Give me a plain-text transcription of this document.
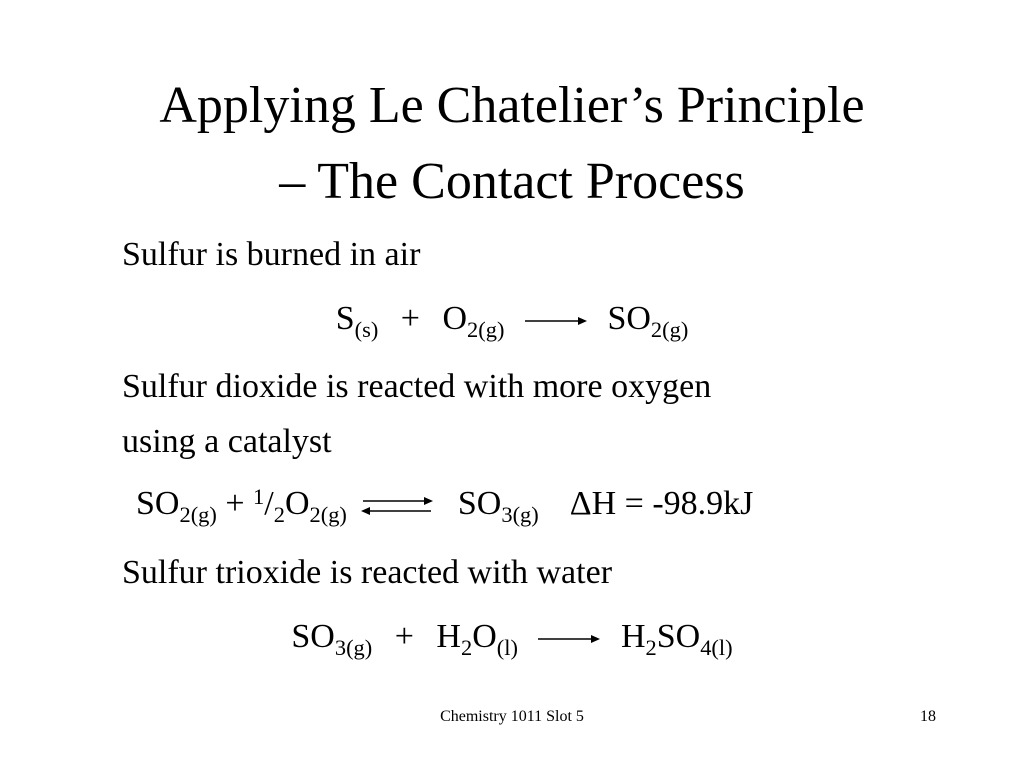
Applying Le Chatelier’s Principle
– The Contact Process
Sulfur is burned in air
$S_{(s)} + O_{2(g)} \to SO_{2(g)}$
Sulfur dioxide is reacted with more oxygen
using a catalyst
$SO_{2(g)} + ^1/_2O_{2(g)}$ ⇌ $SO_{3(g)}$ ΔH = -98.9kJ
Sulfur trioxide is reacted with water
$SO_{3(g)} + H_2O_{(l)} \to H_2SO_{4(l)}$
Chemistry 1011 Slot 5	18
